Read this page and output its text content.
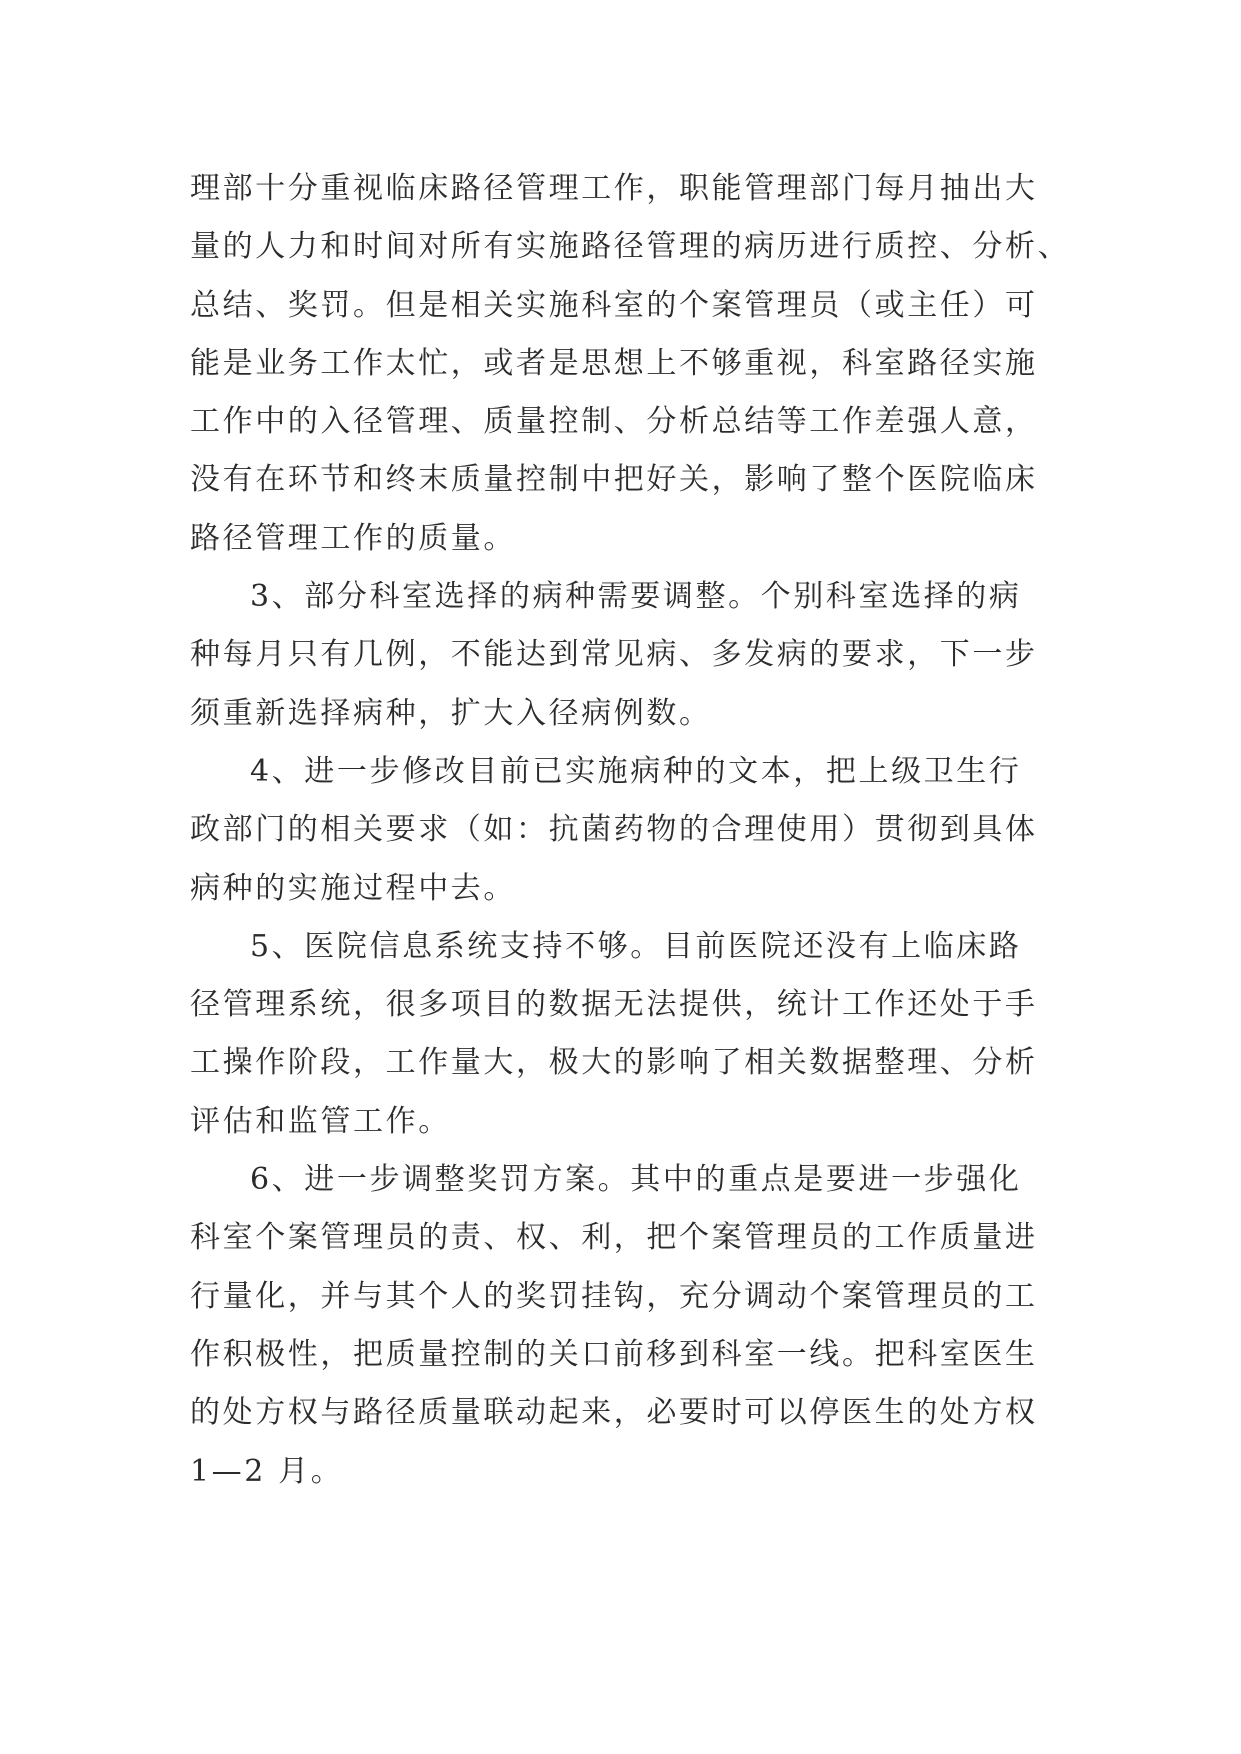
理部十分重视临床路径管理工作，职能管理部门每月抽出大
量的人力和时间对所有实施路径管理的病历进行质控、分析、
总结、奖罚。但是相关实施科室的个案管理员（或主任）可
能是业务工作太忙，或者是思想上不够重视，科室路径实施
工作中的入径管理、质量控制、分析总结等工作差强人意，
没有在环节和终末质量控制中把好关，影响了整个医院临床
路径管理工作的质量。
3、部分科室选择的病种需要调整。个别科室选择的病
种每月只有几例，不能达到常见病、多发病的要求，下一步
须重新选择病种，扩大入径病例数。
4、进一步修改目前已实施病种的文本，把上级卫生行
政部门的相关要求（如：抗菌药物的合理使用）贯彻到具体
病种的实施过程中去。
5、医院信息系统支持不够。目前医院还没有上临床路
径管理系统，很多项目的数据无法提供，统计工作还处于手
工操作阶段，工作量大，极大的影响了相关数据整理、分析
评估和监管工作。
6、进一步调整奖罚方案。其中的重点是要进一步强化
科室个案管理员的责、权、利，把个案管理员的工作质量进
行量化，并与其个人的奖罚挂钩，充分调动个案管理员的工
作积极性，把质量控制的关口前移到科室一线。把科室医生
的处方权与路径质量联动起来，必要时可以停医生的处方权
1—2 月。
